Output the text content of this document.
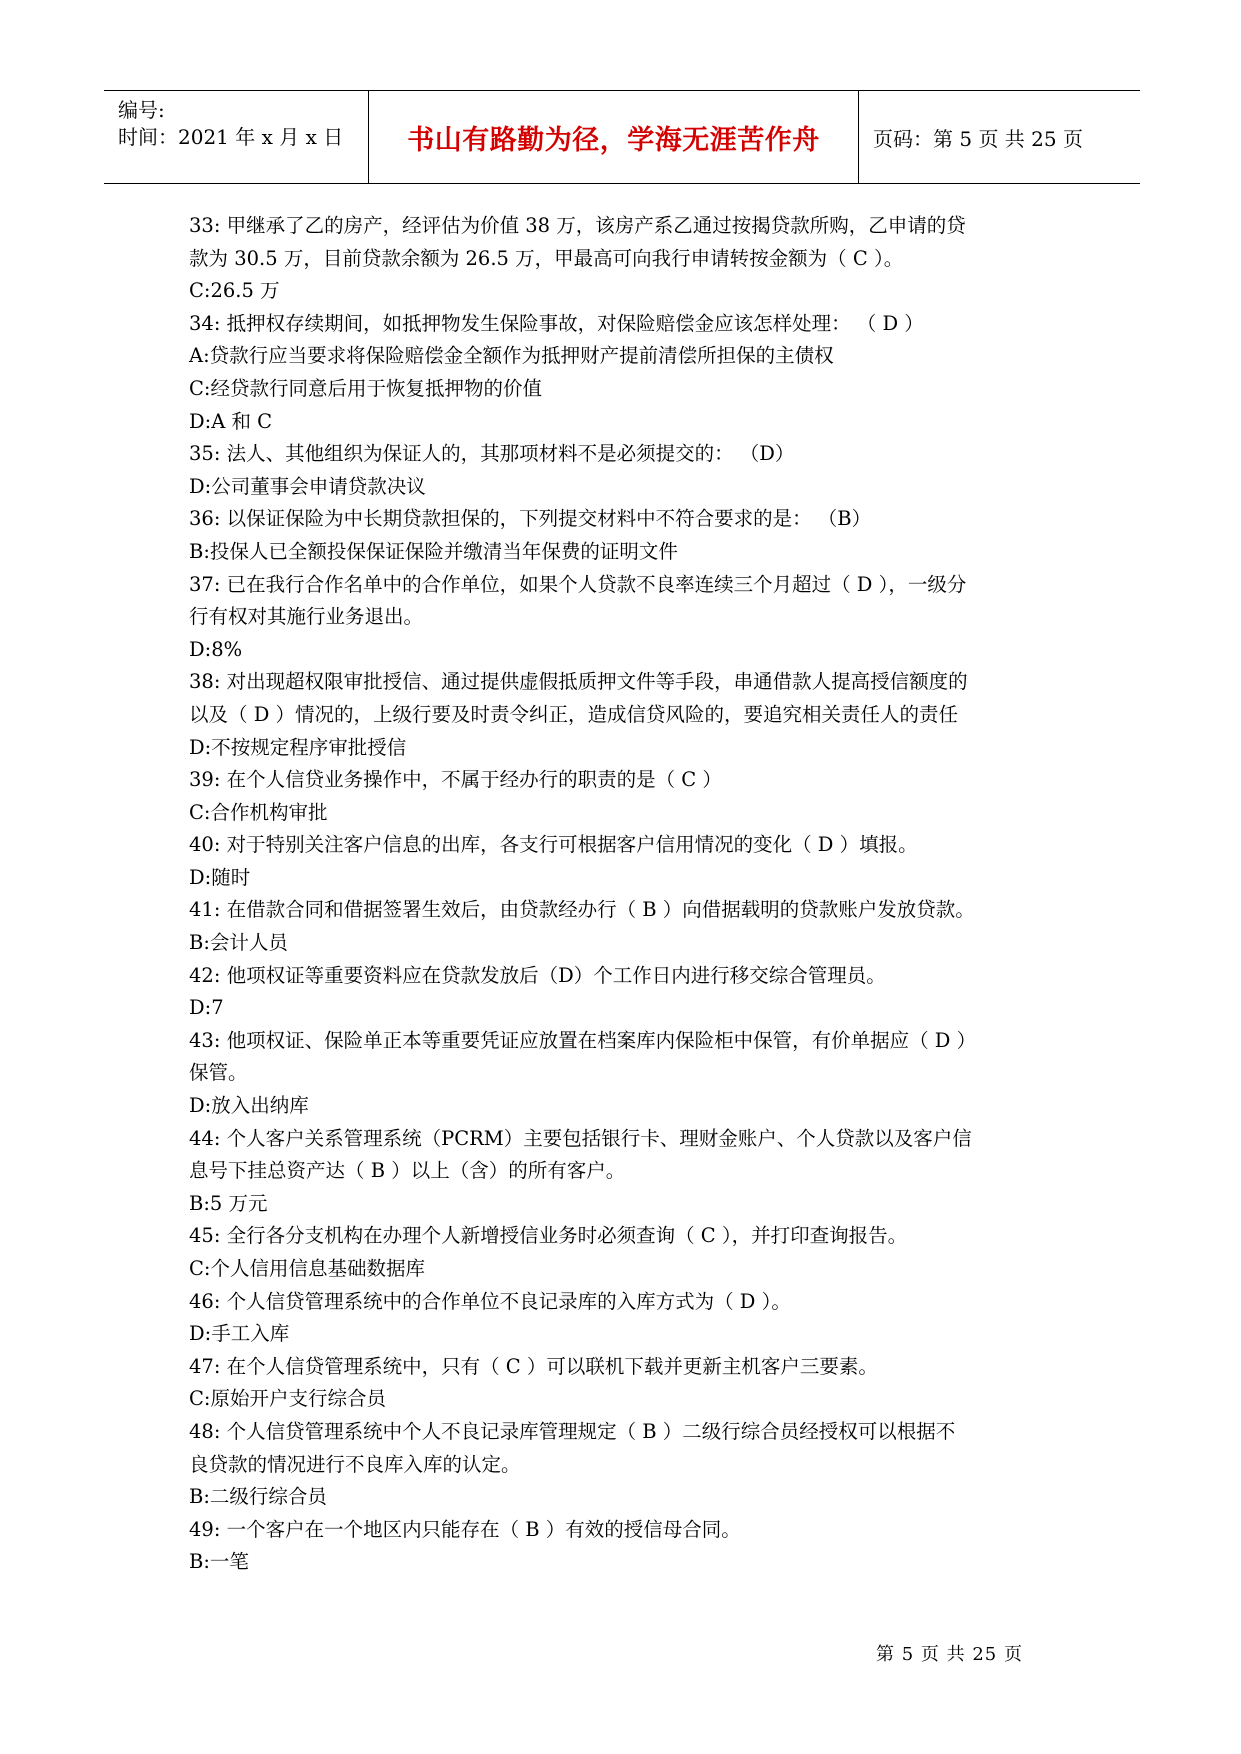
编号:
时间：2021 年 x 月 x 日 书山有路勤为径，学海无涯苦作舟	页码：第 5 页 共 25 页
33: 甲继承了乙的房产，经评估为价值 38 万，该房产系乙通过按揭贷款所购，乙申请的贷
款为 30.5 万，目前贷款余额为 26.5 万，甲最高可向我行申请转按金额为（ C ）。
C:26.5 万
34: 抵押权存续期间，如抵押物发生保险事故，对保险赔偿金应该怎样处理： （ D ）
A:贷款行应当要求将保险赔偿金全额作为抵押财产提前清偿所担保的主债权
C:经贷款行同意后用于恢复抵押物的价值
D:A 和 C
35: 法人、其他组织为保证人的，其那项材料不是必须提交的： （D）
D:公司董事会申请贷款决议
36: 以保证保险为中长期贷款担保的，下列提交材料中不符合要求的是： （B）
B:投保人已全额投保保证保险并缴清当年保费的证明文件
37: 已在我行合作名单中的合作单位，如果个人贷款不良率连续三个月超过（ D ），一级分
行有权对其施行业务退出。
D:8%
38: 对出现超权限审批授信、通过提供虚假抵质押文件等手段，串通借款人提高授信额度的
以及（ D ）情况的，上级行要及时责令纠正，造成信贷风险的，要追究相关责任人的责任
D:不按规定程序审批授信
39: 在个人信贷业务操作中，不属于经办行的职责的是（ C ）
C:合作机构审批
40: 对于特别关注客户信息的出库，各支行可根据客户信用情况的变化（ D ）填报。
D:随时
41: 在借款合同和借据签署生效后，由贷款经办行（ B ）向借据载明的贷款账户发放贷款。
B:会计人员
42: 他项权证等重要资料应在贷款发放后（D）个工作日内进行移交综合管理员。
D:7
43: 他项权证、保险单正本等重要凭证应放置在档案库内保险柜中保管，有价单据应（ D ）
保管。
D:放入出纳库
44: 个人客户关系管理系统（PCRM）主要包括银行卡、理财金账户、个人贷款以及客户信
息号下挂总资产达（ B ）以上（含）的所有客户。
B:5 万元
45: 全行各分支机构在办理个人新增授信业务时必须查询（ C ），并打印查询报告。
C:个人信用信息基础数据库
46: 个人信贷管理系统中的合作单位不良记录库的入库方式为（ D ）。
D:手工入库
47: 在个人信贷管理系统中，只有（ C ）可以联机下载并更新主机客户三要素。
C:原始开户支行综合员
48: 个人信贷管理系统中个人不良记录库管理规定（ B ）二级行综合员经授权可以根据不
良贷款的情况进行不良库入库的认定。
B:二级行综合员
49: 一个客户在一个地区内只能存在（ B ）有效的授信母合同。
B:一笔
第 5 页 共 25 页
